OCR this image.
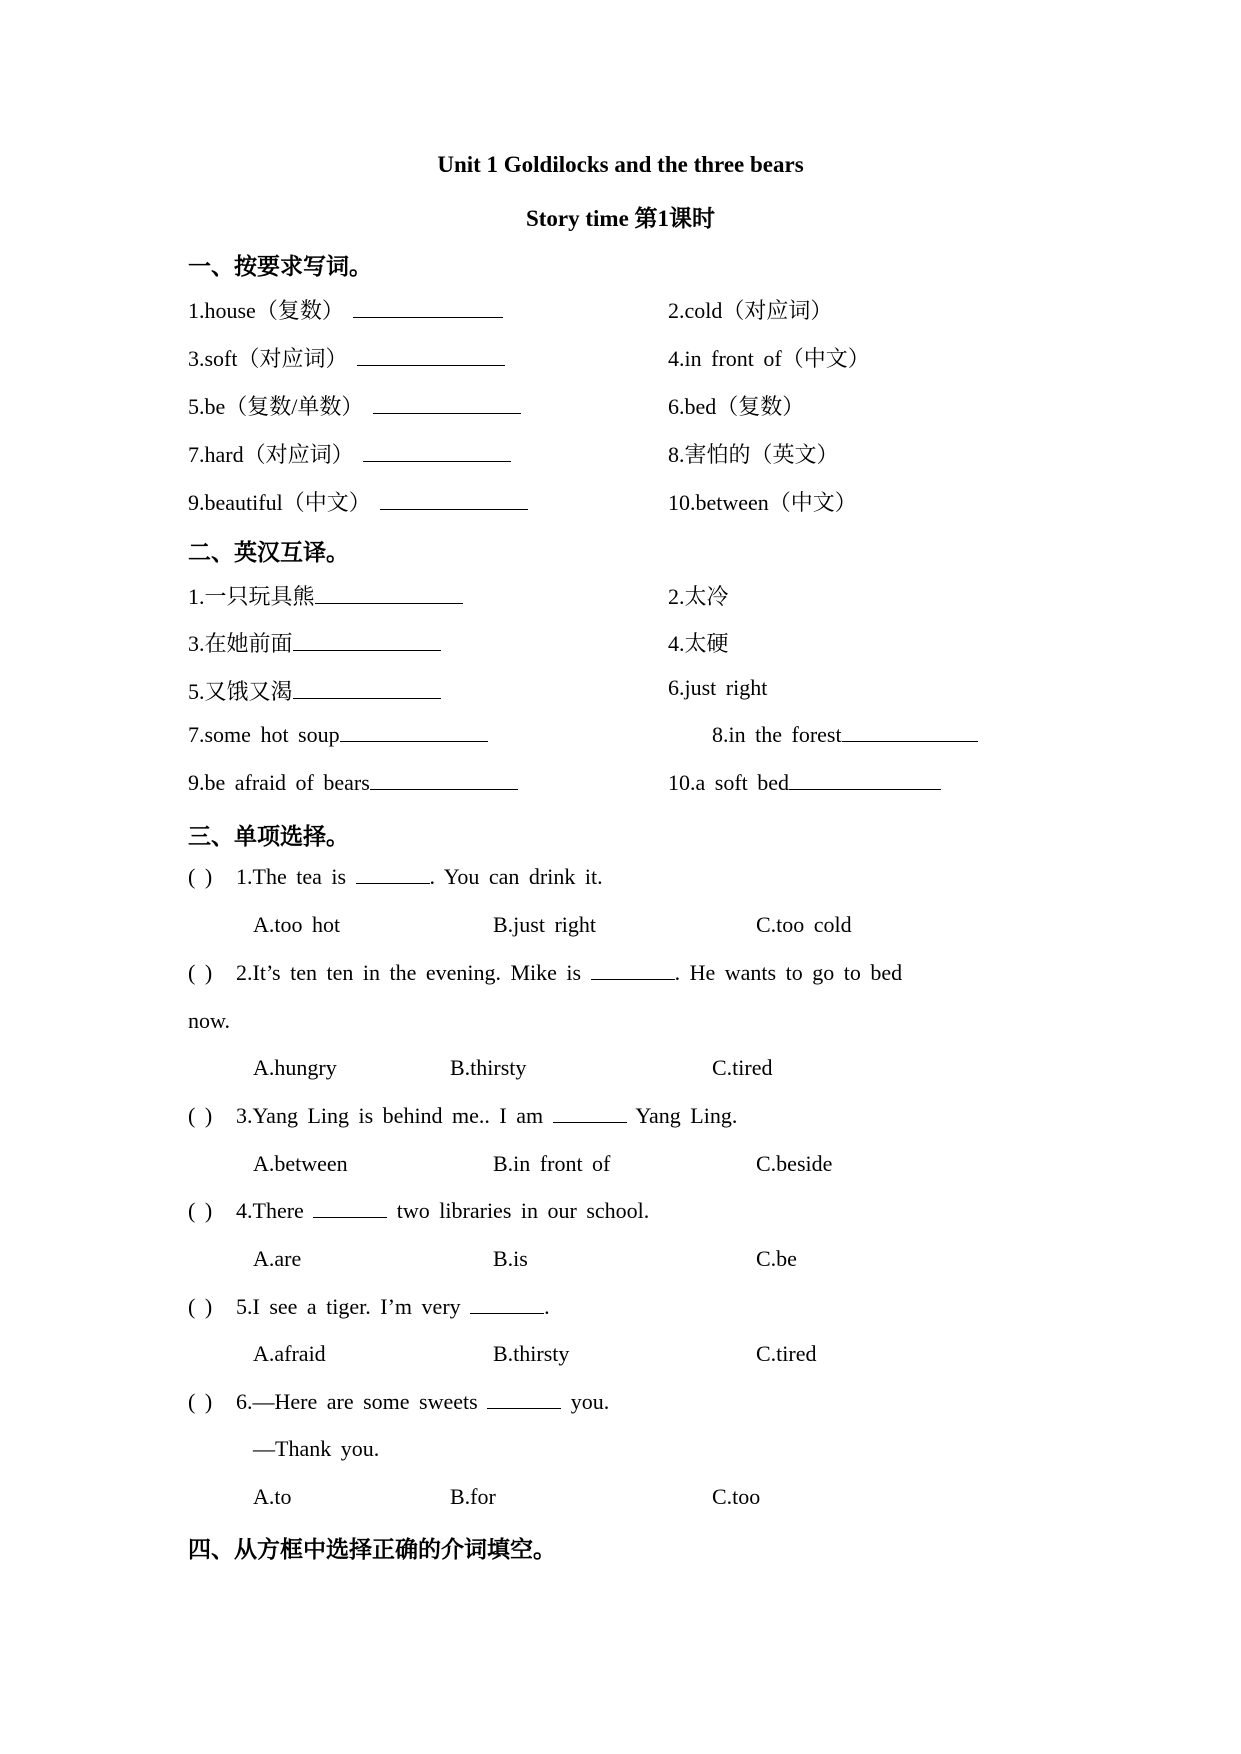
Unit 1 Goldilocks and the three bears
Story time 第1课时
一、按要求写词。
1.house（复数）	2.cold（对应词）
3.soft（对应词）	4.in front of（中文）
5.be（复数/单数）	6.bed（复数）
7.hard（对应词）	8.害怕的（英文）
9.beautiful（中文）	10.between（中文）
二、英汉互译。
1.一只玩具熊	2.太冷
3.在她前面	4.太硬
5.又饿又渴	6.just right
7.some hot soup	8.in the forest
9.be afraid of bears	10.a soft bed
三、单项选择。
( ) 1.The tea is	. You can drink it.
A.too hot	B.just right	C.too cold
( ) 2.It’s ten ten in the evening. Mike is	. He wants to go to bed
now.
A.hungry	B.thirsty	C.tired
( ) 3.Yang Ling is behind me.. I am	Yang Ling.
A.between	B.in front of	C.beside
( ) 4.There	two libraries in our school.
A.are	B.is	C.be
( ) 5.I see a tiger. I’m very	.
A.afraid	B.thirsty	C.tired
( ) 6.—Here are some sweets	you.
—Thank you.
A.to	B.for	C.too
四、从方框中选择正确的介词填空。
